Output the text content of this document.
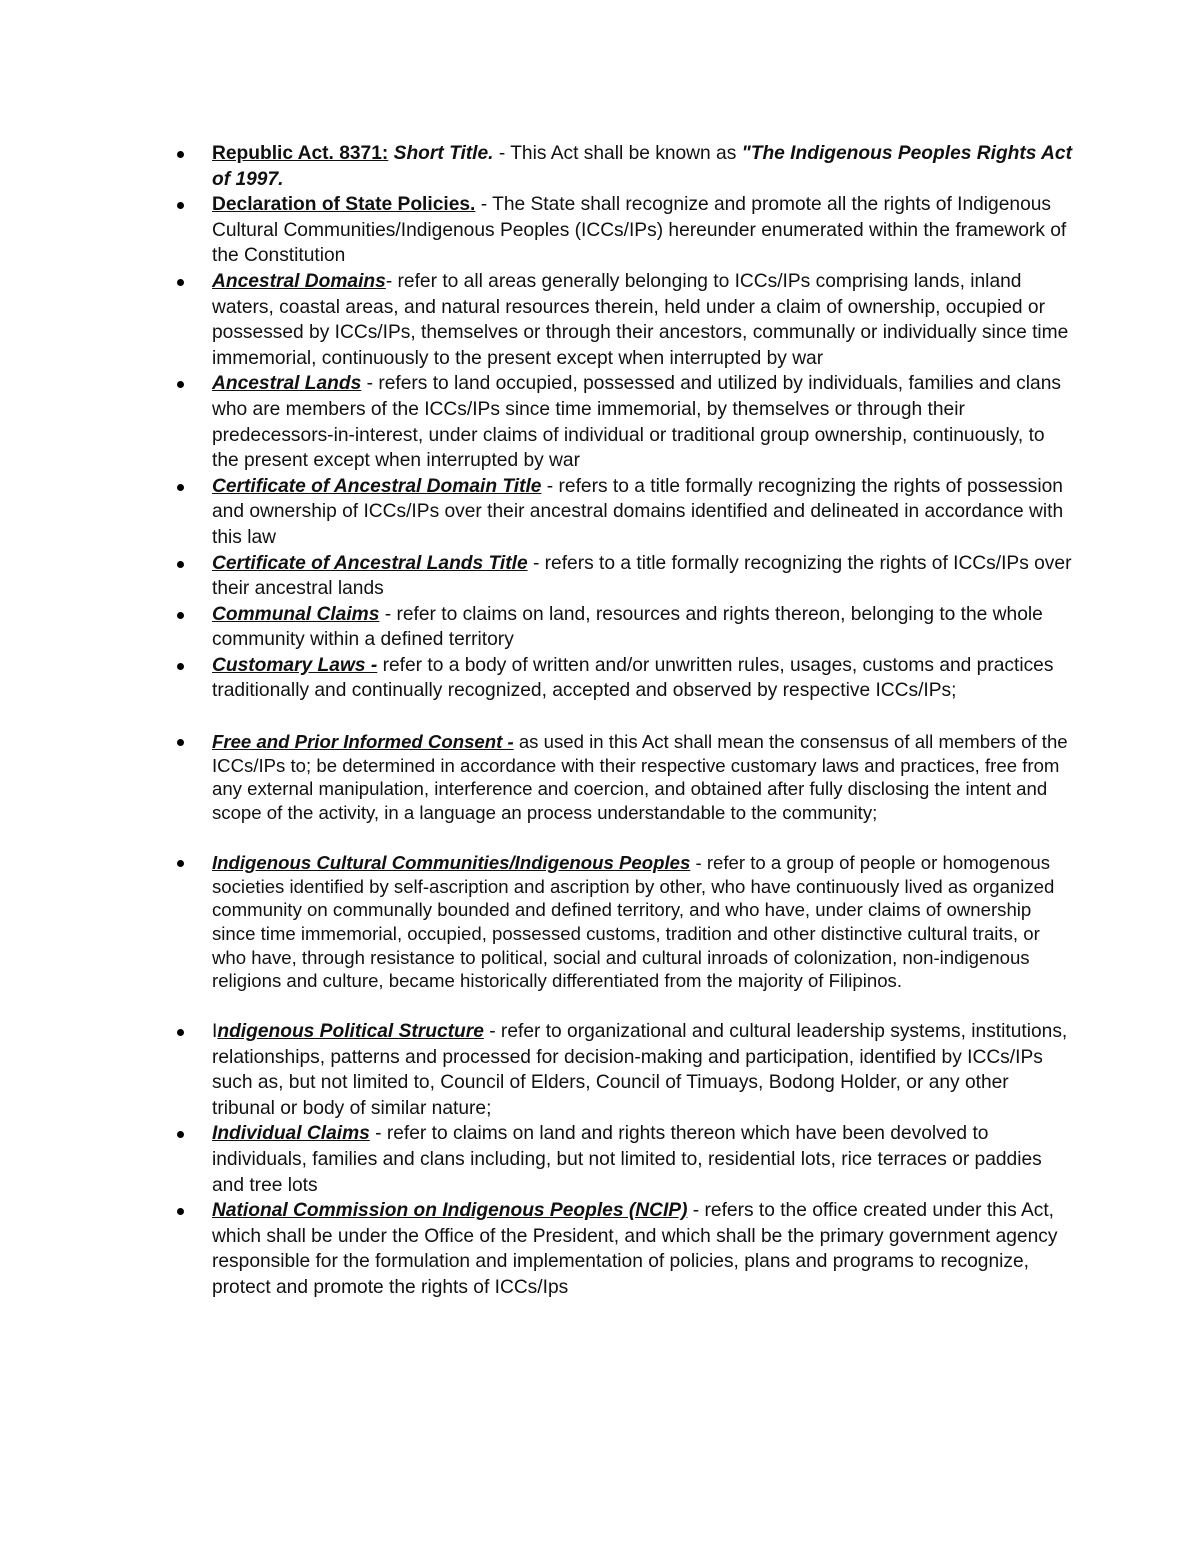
Republic Act. 8371: Short Title. - This Act shall be known as "The Indigenous Peoples Rights Act of 1997.
Declaration of State Policies. - The State shall recognize and promote all the rights of Indigenous Cultural Communities/Indigenous Peoples (ICCs/IPs) hereunder enumerated within the framework of the Constitution
Ancestral Domains- refer to all areas generally belonging to ICCs/IPs comprising lands, inland waters, coastal areas, and natural resources therein, held under a claim of ownership, occupied or possessed by ICCs/IPs, themselves or through their ancestors, communally or individually since time immemorial, continuously to the present except when interrupted by war
Ancestral Lands - refers to land occupied, possessed and utilized by individuals, families and clans who are members of the ICCs/IPs since time immemorial, by themselves or through their predecessors-in-interest, under claims of individual or traditional group ownership, continuously, to the present except when interrupted by war
Certificate of Ancestral Domain Title - refers to a title formally recognizing the rights of possession and ownership of ICCs/IPs over their ancestral domains identified and delineated in accordance with this law
Certificate of Ancestral Lands Title - refers to a title formally recognizing the rights of ICCs/IPs over their ancestral lands
Communal Claims - refer to claims on land, resources and rights thereon, belonging to the whole community within a defined territory
Customary Laws - refer to a body of written and/or unwritten rules, usages, customs and practices traditionally and continually recognized, accepted and observed by respective ICCs/IPs;
Free and Prior Informed Consent - as used in this Act shall mean the consensus of all members of the ICCs/IPs to; be determined in accordance with their respective customary laws and practices, free from any external manipulation, interference and coercion, and obtained after fully disclosing the intent and scope of the activity, in a language an process understandable to the community;
Indigenous Cultural Communities/Indigenous Peoples - refer to a group of people or homogenous societies identified by self-ascription and ascription by other, who have continuously lived as organized community on communally bounded and defined territory, and who have, under claims of ownership since time immemorial, occupied, possessed customs, tradition and other distinctive cultural traits, or who have, through resistance to political, social and cultural inroads of colonization, non-indigenous religions and culture, became historically differentiated from the majority of Filipinos.
Indigenous Political Structure - refer to organizational and cultural leadership systems, institutions, relationships, patterns and processed for decision-making and participation, identified by ICCs/IPs such as, but not limited to, Council of Elders, Council of Timuays, Bodong Holder, or any other tribunal or body of similar nature;
Individual Claims - refer to claims on land and rights thereon which have been devolved to individuals, families and clans including, but not limited to, residential lots, rice terraces or paddies and tree lots
National Commission on Indigenous Peoples (NCIP) - refers to the office created under this Act, which shall be under the Office of the President, and which shall be the primary government agency responsible for the formulation and implementation of policies, plans and programs to recognize, protect and promote the rights of ICCs/Ips
